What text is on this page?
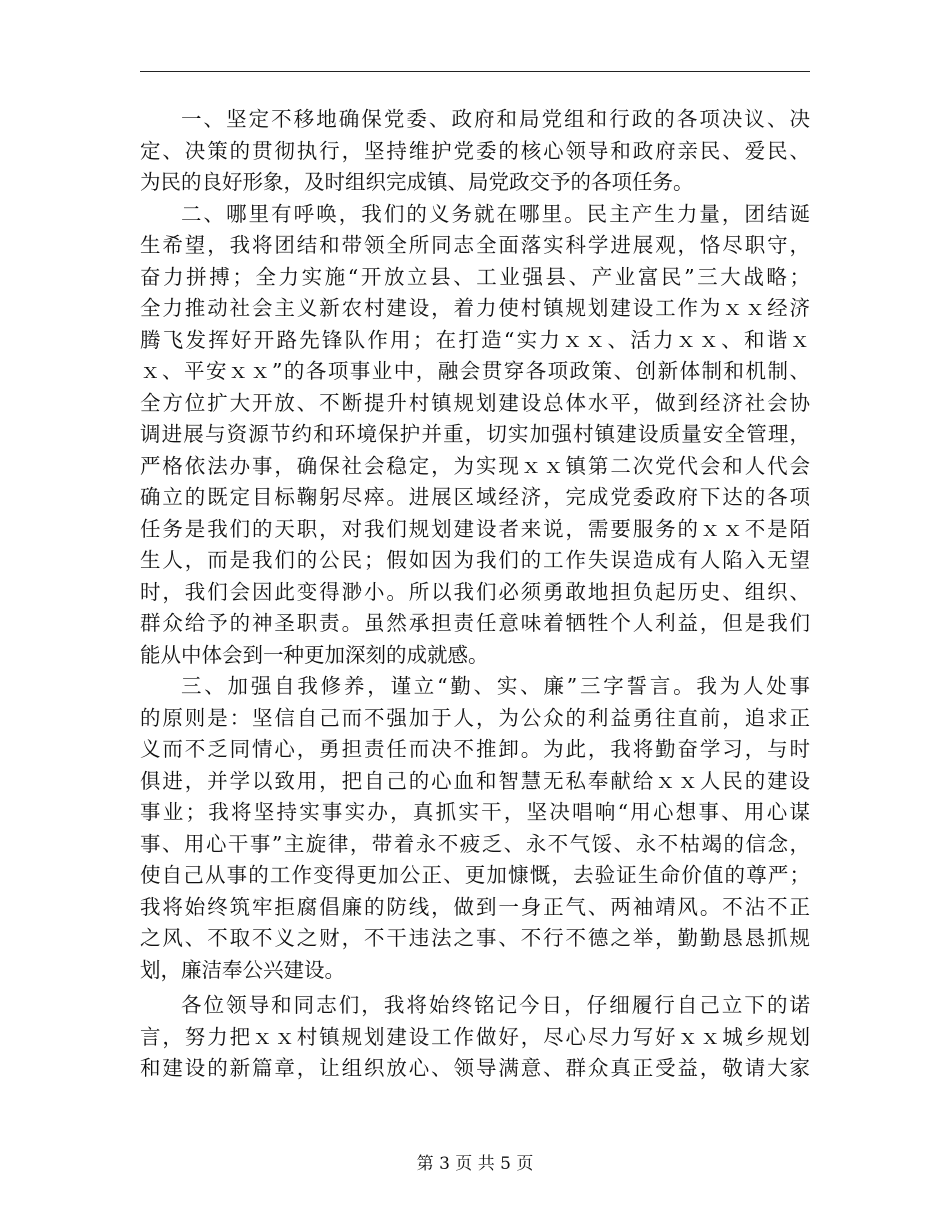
一、坚定不移地确保党委、政府和局党组和行政的各项决议、决
定、决策的贯彻执行，坚持维护党委的核心领导和政府亲民、爱民、
为民的良好形象，及时组织完成镇、局党政交予的各项任务。
二、哪里有呼唤，我们的义务就在哪里。民主产生力量，团结诞
生希望，我将团结和带领全所同志全面落实科学进展观，恪尽职守，
奋力拼搏；全力实施“开放立县、工业强县、产业富民”三大战略；
全力推动社会主义新农村建设，着力使村镇规划建设工作为ｘｘ经济
腾飞发挥好开路先锋队作用；在打造“实力ｘｘ、活力ｘｘ、和谐ｘ
ｘ、平安ｘｘ”的各项事业中，融会贯穿各项政策、创新体制和机制、
全方位扩大开放、不断提升村镇规划建设总体水平，做到经济社会协
调进展与资源节约和环境保护并重，切实加强村镇建设质量安全管理，
严格依法办事，确保社会稳定，为实现ｘｘ镇第二次党代会和人代会
确立的既定目标鞠躬尽瘁。进展区域经济，完成党委政府下达的各项
任务是我们的天职，对我们规划建设者来说，需要服务的ｘｘ不是陌
生人，而是我们的公民；假如因为我们的工作失误造成有人陷入无望
时，我们会因此变得渺小。所以我们必须勇敢地担负起历史、组织、
群众给予的神圣职责。虽然承担责任意味着牺牲个人利益，但是我们
能从中体会到一种更加深刻的成就感。
三、加强自我修养，谨立“勤、实、廉”三字誓言。我为人处事
的原则是：坚信自己而不强加于人，为公众的利益勇往直前，追求正
义而不乏同情心，勇担责任而决不推卸。为此，我将勤奋学习，与时
俱进，并学以致用，把自己的心血和智慧无私奉献给ｘｘ人民的建设
事业；我将坚持实事实办，真抓实干，坚决唱响“用心想事、用心谋
事、用心干事”主旋律，带着永不疲乏、永不气馁、永不枯竭的信念，
使自己从事的工作变得更加公正、更加慷慨，去验证生命价值的尊严；
我将始终筑牢拒腐倡廉的防线，做到一身正气、两袖靖风。不沾不正
之风、不取不义之财，不干违法之事、不行不德之举，勤勤恳恳抓规
划，廉洁奉公兴建设。
各位领导和同志们，我将始终铭记今日，仔细履行自己立下的诺
言，努力把ｘｘ村镇规划建设工作做好，尽心尽力写好ｘｘ城乡规划
和建设的新篇章，让组织放心、领导满意、群众真正受益，敬请大家
第 3 页 共 5 页
